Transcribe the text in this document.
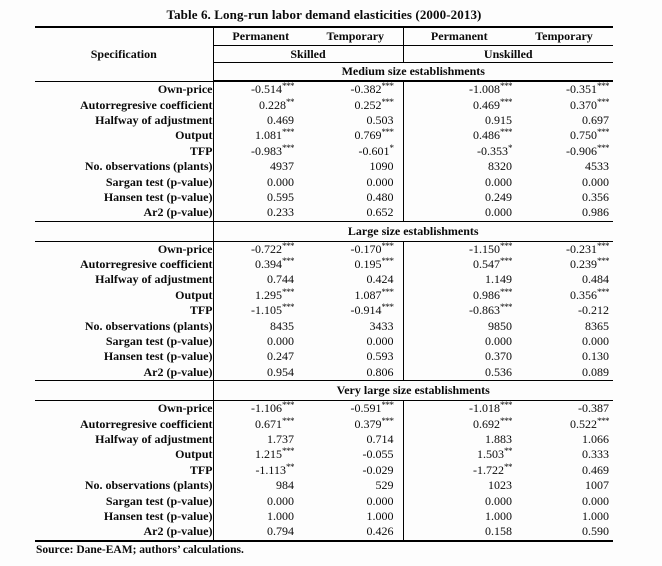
Table 6. Long-run labor demand elasticities (2000-2013)
Specification	Permanent	Temporary	Permanent	Temporary
	Skilled		Unskilled	
	Medium size establishments			
Own-price	-0.514***	-0.382***	-1.008***	-0.351***
Autorregresive coefficient	0.228**	0.252***	0.469***	0.370***
Halfway of adjustment	0.469	0.503	0.915	0.697
Output	1.081***	0.769***	0.486***	0.750***
TFP	-0.983***	-0.601*	-0.353*	-0.906***
No. observations (plants)	4937	1090	8320	4533
Sargan test (p-value)	0.000	0.000	0.000	0.000
Hansen test (p-value)	0.595	0.480	0.249	0.356
Ar2 (p-value)	0.233	0.652	0.000	0.986
	Large size establishments			
Own-price	-0.722***	-0.170***	-1.150***	-0.231***
Autorregresive coefficient	0.394***	0.195***	0.547***	0.239***
Halfway of adjustment	0.744	0.424	1.149	0.484
Output	1.295***	1.087***	0.986***	0.356***
TFP	-1.105***	-0.914***	-0.863***	-0.212
No. observations (plants)	8435	3433	9850	8365
Sargan test (p-value)	0.000	0.000	0.000	0.000
Hansen test (p-value)	0.247	0.593	0.370	0.130
Ar2 (p-value)	0.954	0.806	0.536	0.089
	Very large size establishments			
Own-price	-1.106***	-0.591***	-1.018***	-0.387
Autorregresive coefficient	0.671***	0.379***	0.692***	0.522***
Halfway of adjustment	1.737	0.714	1.883	1.066
Output	1.215***	-0.055	1.503**	0.333
TFP	-1.113**	-0.029	-1.722**	0.469
No. observations (plants)	984	529	1023	1007
Sargan test (p-value)	0.000	0.000	0.000	0.000
Hansen test (p-value)	1.000	1.000	1.000	1.000
Ar2 (p-value)	0.794	0.426	0.158	0.590
Source: Dane-EAM; authors’ calculations.
